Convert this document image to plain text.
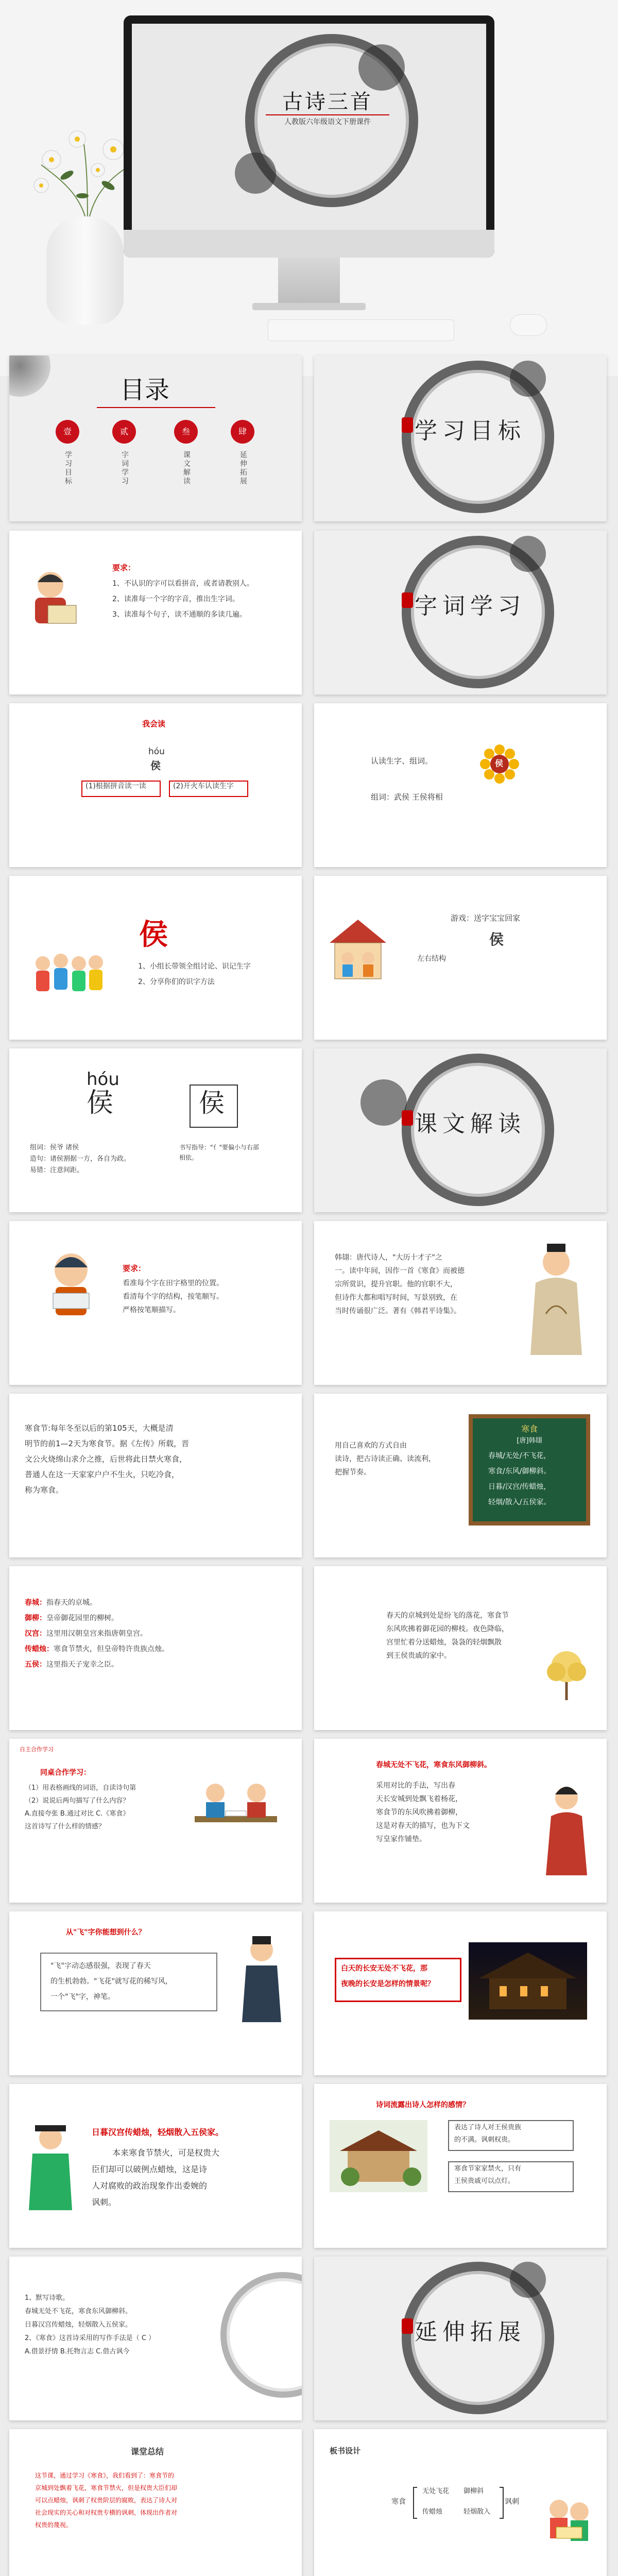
古诗三首
人教版六年级语文下册课件
目录
壹	贰	叁	肆
学习目标	字词学习	课文解读	延伸拓展
学习目标
要求：
1、不认识的字可以看拼音，或者请教别人。
2、读准每一个字的字音，推出生字词。
3、读准每个句子，读不通顺的多读几遍。	字词学习
我会读
hóu
侯
(1)根据拼音读一读	(2)开火车认读生字
认读生字、组词。	侯
组词：武侯 王侯将相
侯
1、小组长带领全组讨论、识记生字
2、分享你们的识字方法
游戏：送字宝宝回家
侯
左右结构
hóu
侯	侯
书写指导："亻"要偏小与右部
相依。
组词：侯爷 诸侯
造句：诸侯割据一方，各自为政。
易错：注意间距。
课文解读
要求：
看准每个字在田字格里的位置。
看清每个字的结构，按笔顺写。
严格按笔顺描写。
韩翃：唐代诗人，"大历十才子"之
一。读中年间，因作一首《寒食》而被德
宗所赏识，提升官职。他的官职不大，
但诗作大都和唱写时间，写景别致，在
当时传诵很广泛。著有《韩君平诗集》。
寒食节:每年冬至以后的第105天，大概是清
明节的前1—2天为寒食节。据《左传》所载，晋
文公火烧绵山求介之推，后世将此日禁火寒食，
普通人在这一天家家户户不生火，只吃冷食，
称为寒食。
用自己喜欢的方式自由
读诗，把古诗读正确、读流利，
把握节奏。
寒食
[唐]韩翃
春城/无处/不飞花，
寒食/东风/御柳斜。
日暮/汉宫/传蜡烛，
轻烟/散入/五侯家。
春城：指春天的京城。
御柳：皇帝御花园里的柳树。
汉宫：这里用汉朝皇宫来指唐朝皇宫。
传蜡烛：寒食节禁火，但皇帝特许贵族点烛。
五侯：这里指天子宠幸之臣。
春天的京城到处是纷飞的落花，寒食节
东风吹拂着御花园的柳枝。夜色降临，
宫里忙着分送蜡烛，袅袅的轻烟飘散
到王侯贵戚的家中。
自主合作学习
同桌合作学习：
（1）用表格画线的词语，自读诗句第
（2）说说后两句描写了什么内容？
A.直接夸张 B.通过对比 C.《寒食》
这首诗写了什么样的情感？
春城无处不飞花，寒食东风御柳斜。
采用对比的手法，写出春
天长安城到处飘飞着杨花，
寒食节的东风吹拂着御柳，
这是对春天的描写，也为下文
写皇家作铺垫。
从"飞"字你能想到什么？
"飞"字动态感很强，表现了春天
的生机勃勃。"飞花"就写花的稀写风，
一个"飞"字，神笔。
白天的长安无处不飞花，那
夜晚的长安是怎样的情景呢？
日暮汉宫传蜡烛，轻烟散入五侯家。
本来寒食节禁火，可是权贵大
臣们却可以破例点蜡烛，这是诗
人对腐败的政治现象作出委婉的
讽刺。
诗词流露出诗人怎样的感情？
表达了诗人对王侯贵族
的不满。讽刺权贵。
寒食节家家禁火，只有
王侯贵戚可以点灯。
1、默写诗歌。
春城无处不飞花，寒食东风御柳斜。
日暮汉宫传蜡烛，轻烟散入五侯家。
2、《寒食》这首诗采用的写作手法是（ C ）
A.借景抒情 B.托物言志 C.借古讽今
延伸拓展
课堂总结
这节课，通过学习《寒食》，我们看到了：寒食节的
京城到处飘着飞花，寒食节禁火，但是权贵大臣们却
可以点蜡烛，讽刺了权贵阶层的腐败，表达了诗人对
社会现实的关心和对权贵专横的讽刺，体现出作者对
权贵的蔑视。
板书设计
寒食
无处飞花
传蜡烛
御柳斜
轻烟散入
讽刺
